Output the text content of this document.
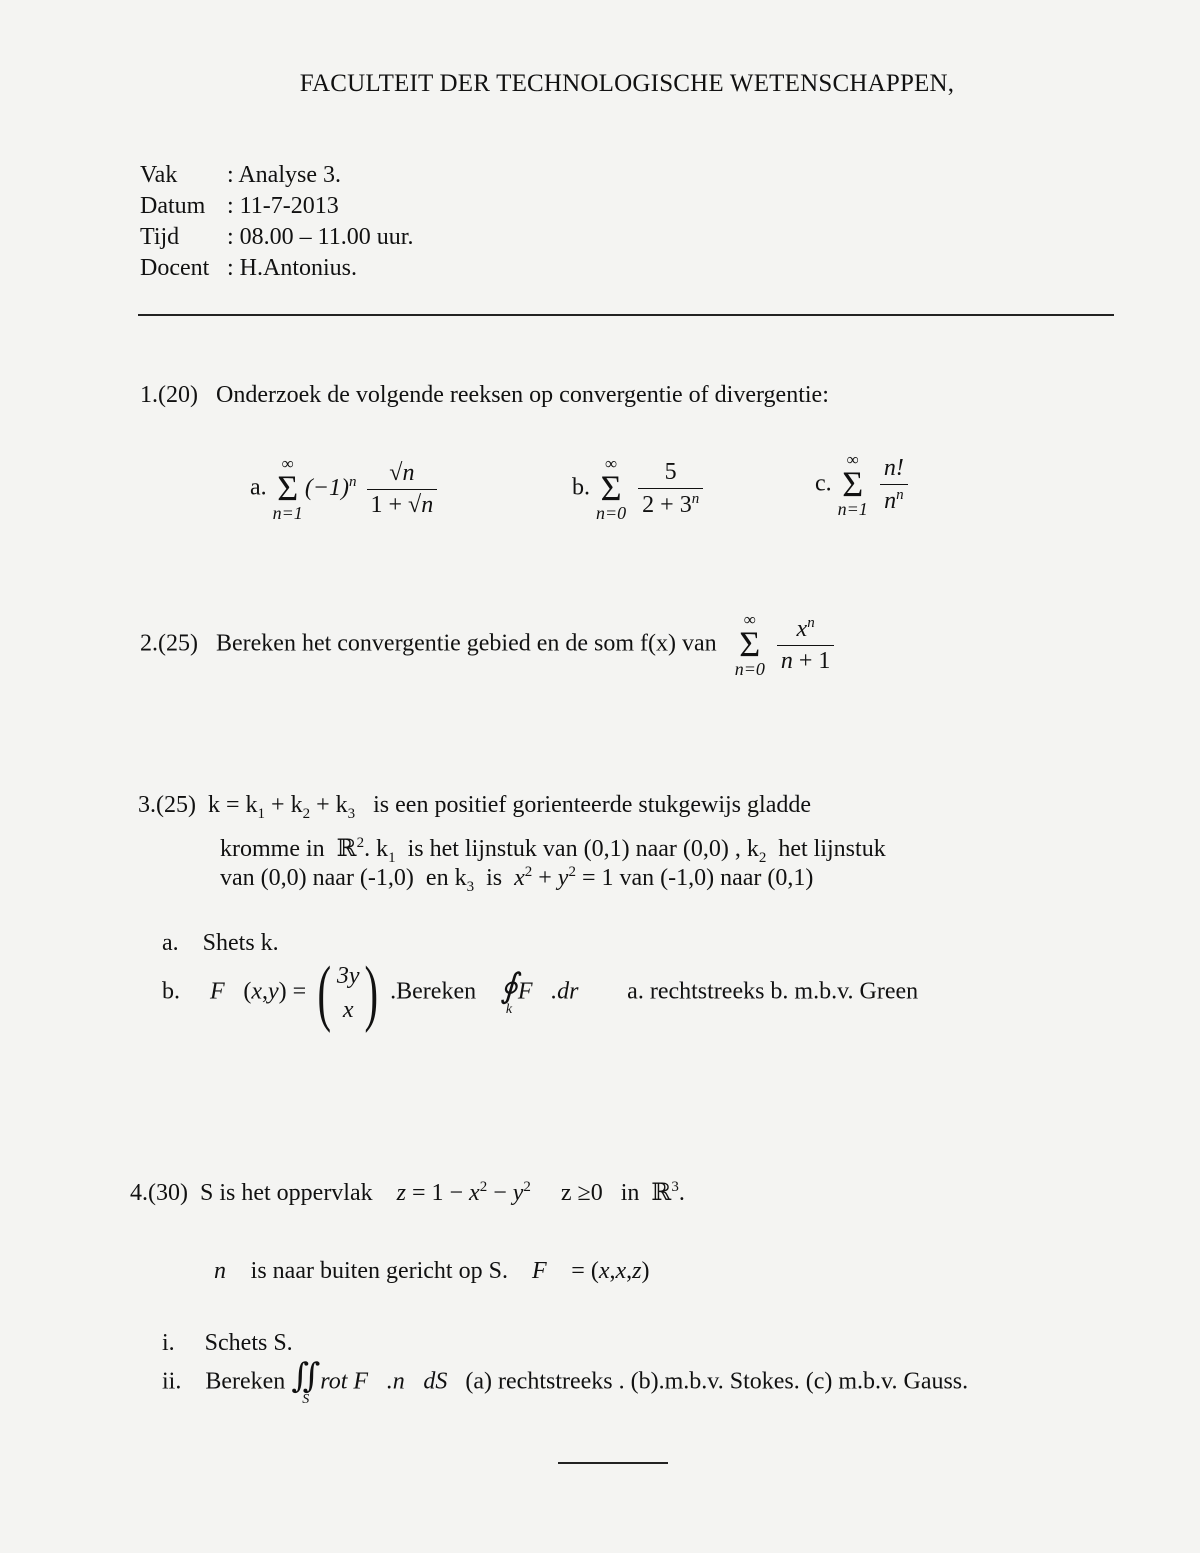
FACULTEIT DER TECHNOLOGISCHE WETENSCHAPPEN,
Vak : Analyse 3.
Datum : 11-7-2013
Tijd : 08.00 – 11.00 uur.
Docent : H.Antonius.
1.(20) Onderzoek de volgende reeksen op convergentie of divergentie:
a.
∞
Σ
n=1
$(-1)^n \frac{√n}{1 + √n}$	b.
∞
Σ
n=0
$\frac{5}{2 + 3^n}$	c.
∞
Σ
n=1
$\frac{n!}{n^n}$
2.(25) Bereken het convergentie gebied en de som f(x) van
∞
Σ
n=0
$\frac{x^n}{n + 1}$
3.(25)  $k = k_1 + k_2 + k_3$ is een positief gorienteerde stukgewijs gladde
kromme in  ℝ$^2$. $k_1$  is het lijnstuk van (0,1) naar (0,0) , $k_2$  het lijnstuk
van (0,0) naar (-1,0)  en $k_3$  is  $x^2 + y^2 = 1$ van (-1,0) naar (0,1)
a. Shets k.
b. F⃗(x,y) = ( 3y
x ) .Bereken ∮
k
F⃗.dr⃗ a. rechtstreeks b. m.b.v. Green
4.(30) S is het oppervlak $z = 1 - x^2 - y^2$     z ≥0   in  ℝ$^3$.
n⃗ is naar buiten gericht op S. F⃗ = (x,x,z)
i. Schets S.
ii. Bereken ∬
S
rot F⃗.n⃗dS (a) rechtstreeks . (b).m.b.v. Stokes. (c) m.b.v. Gauss.
